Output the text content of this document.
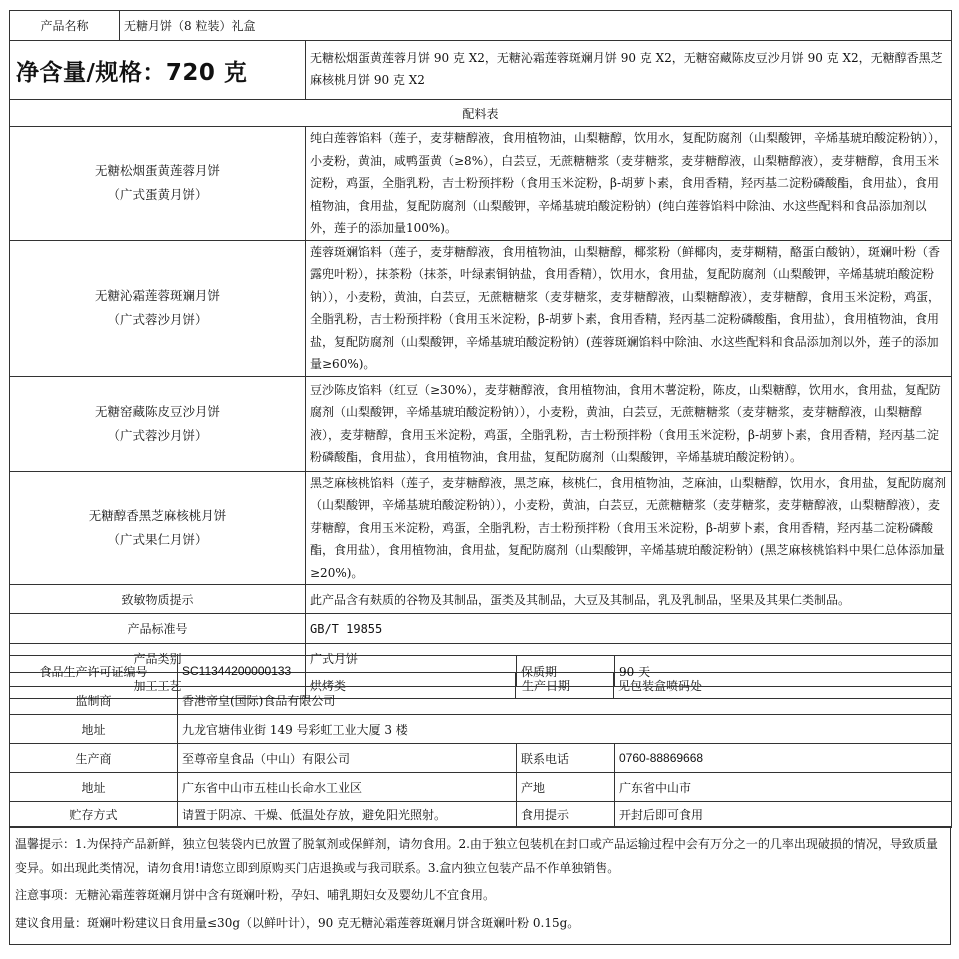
产品名称	无糖月饼（8 粒装）礼盒			
净含量/规格：720 克		无糖松烟蛋黄莲蓉月饼 90 克 X2，无糖沁霜莲蓉斑斓月饼 90 克 X2，无糖窑藏陈皮豆沙月饼 90 克 X2，无糖醇香黑芝麻核桃月饼 90 克 X2		
配料表				

无糖松烟蛋黄莲蓉月饼
（广式蛋黄月饼）		纯白莲蓉馅料（莲子，麦芽糖醇液，食用植物油，山梨糖醇，饮用水，复配防腐剂（山梨酸钾，辛烯基琥珀酸淀粉钠）），小麦粉，黄油，咸鸭蛋黄（≥8%），白芸豆，无蔗糖糖浆（麦芽糖浆，麦芽糖醇液，山梨糖醇液），麦芽糖醇，食用玉米淀粉，鸡蛋，全脂乳粉，吉士粉预拌粉（食用玉米淀粉，β-胡萝卜素，食用香精，羟丙基二淀粉磷酸酯，食用盐），食用植物油，食用盐，复配防腐剂（山梨酸钾，辛烯基琥珀酸淀粉钠）(纯白莲蓉馅料中除油、水这些配料和食品添加剂以外，莲子的添加量100%)。		

无糖沁霜莲蓉斑斓月饼
（广式蓉沙月饼）		莲蓉斑斓馅料（莲子，麦芽糖醇液，食用植物油，山梨糖醇，椰浆粉（鲜椰肉，麦芽糊精，酪蛋白酸钠），斑斓叶粉（香露兜叶粉），抹茶粉（抹茶，叶绿素铜钠盐，食用香精），饮用水，食用盐，复配防腐剂（山梨酸钾，辛烯基琥珀酸淀粉钠）），小麦粉，黄油，白芸豆，无蔗糖糖浆（麦芽糖浆，麦芽糖醇液，山梨糖醇液），麦芽糖醇，食用玉米淀粉，鸡蛋，全脂乳粉，吉士粉预拌粉（食用玉米淀粉，β-胡萝卜素，食用香精，羟丙基二淀粉磷酸酯，食用盐），食用植物油，食用盐，复配防腐剂（山梨酸钾，辛烯基琥珀酸淀粉钠）(莲蓉斑斓馅料中除油、水这些配料和食品添加剂以外，莲子的添加量≥60%)。		

无糖窑藏陈皮豆沙月饼
（广式蓉沙月饼）		豆沙陈皮馅料（红豆（≥30%），麦芽糖醇液，食用植物油，食用木薯淀粉，陈皮，山梨糖醇，饮用水，食用盐，复配防腐剂（山梨酸钾，辛烯基琥珀酸淀粉钠）），小麦粉，黄油，白芸豆，无蔗糖糖浆（麦芽糖浆，麦芽糖醇液，山梨糖醇液），麦芽糖醇，食用玉米淀粉，鸡蛋，全脂乳粉，吉士粉预拌粉（食用玉米淀粉，β-胡萝卜素，食用香精，羟丙基二淀粉磷酸酯，食用盐），食用植物油，食用盐，复配防腐剂（山梨酸钾，辛烯基琥珀酸淀粉钠）。		

无糖醇香黑芝麻核桃月饼
（广式果仁月饼）		黑芝麻核桃馅料（莲子，麦芽糖醇液，黑芝麻，核桃仁，食用植物油，芝麻油，山梨糖醇，饮用水，食用盐，复配防腐剂（山梨酸钾，辛烯基琥珀酸淀粉钠）），小麦粉，黄油，白芸豆，无蔗糖糖浆（麦芽糖浆，麦芽糖醇液，山梨糖醇液），麦芽糖醇，食用玉米淀粉，鸡蛋，全脂乳粉，吉士粉预拌粉（食用玉米淀粉，β-胡萝卜素，食用香精，羟丙基二淀粉磷酸酯，食用盐），食用植物油，食用盐，复配防腐剂（山梨酸钾，辛烯基琥珀酸淀粉钠）(黑芝麻核桃馅料中果仁总体添加量≥20%)。		
致敏物质提示		此产品含有麸质的谷物及其制品，蛋类及其制品，大豆及其制品，乳及乳制品，坚果及其果仁类制品。		
产品标准号		GB/T 19855		
产品类别		广式月饼		
加工工艺		烘烤类	生产日期	见包装盒喷码处
食品生产许可证编号	SC11344200000133	保质期	90 天
监制商	香港帝皇(国际)食品有限公司		
地址	九龙官塘伟业街 149 号彩虹工业大厦 3 楼		
生产商	至尊帝皇食品（中山）有限公司	联系电话	0760-88869668
地址	广东省中山市五桂山长命水工业区	产地	广东省中山市
贮存方式	请置于阴凉、干燥、低温处存放，避免阳光照射。	食用提示	开封后即可食用

温馨提示：1.为保持产品新鲜，独立包装袋内已放置了脱氧剂或保鲜剂，请勿食用。2.由于独立包装机在封口或产品运输过程中会有万分之一的几率出现破损的情况，导致质量变异。如出现此类情况，请勿食用!请您立即到原购买门店退换或与我司联系。3.盒内独立包装产品不作单独销售。

注意事项：无糖沁霜莲蓉斑斓月饼中含有斑斓叶粉，孕妇、哺乳期妇女及婴幼儿不宜食用。

建议食用量：斑斓叶粉建议日食用量≤30g（以鲜叶计），90 克无糖沁霜莲蓉斑斓月饼含斑斓叶粉 0.15g。
